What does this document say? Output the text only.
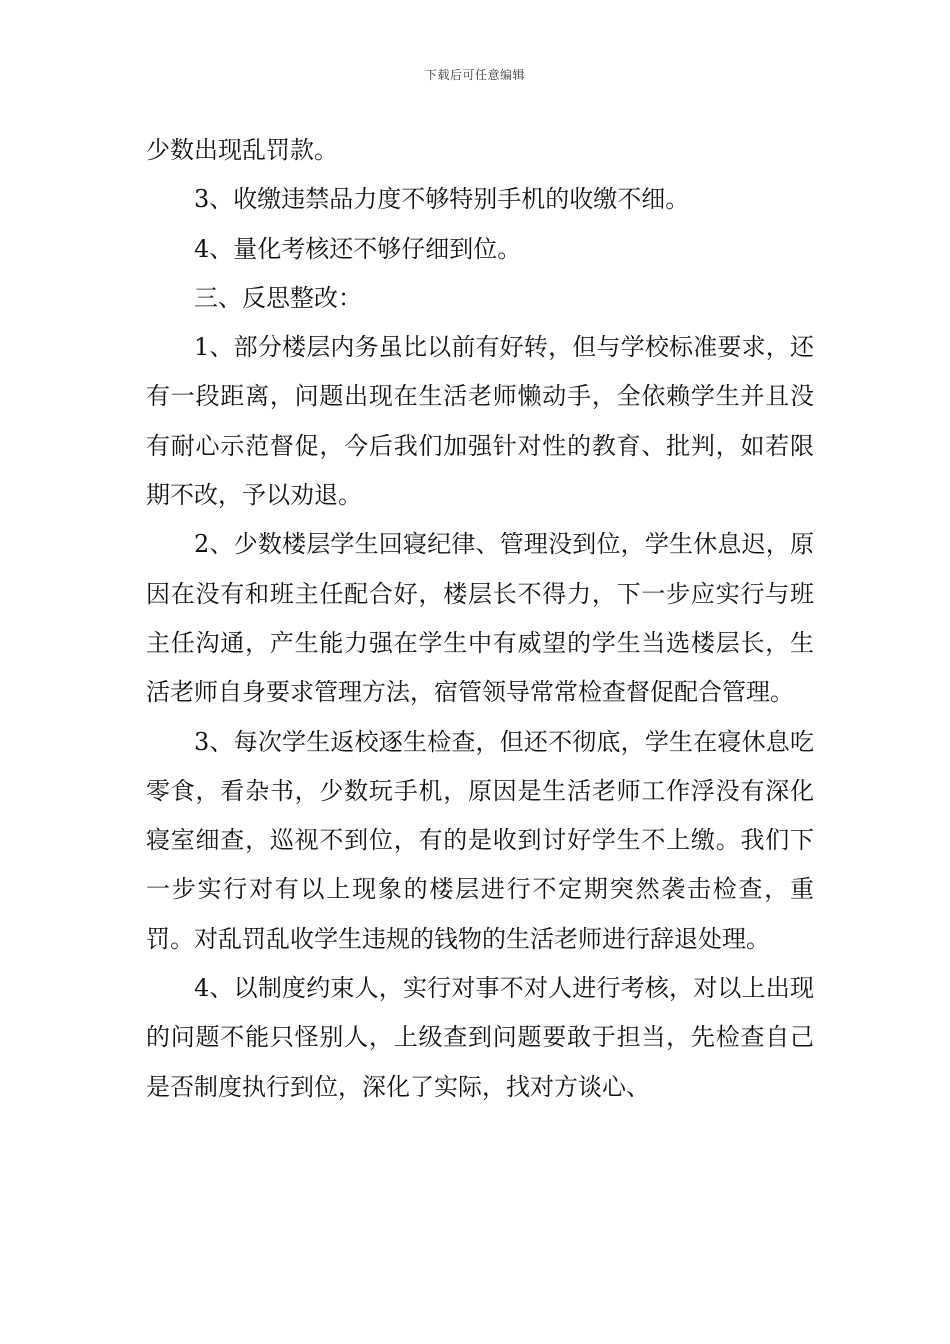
下载后可任意编辑

少数出现乱罚款。

3、收缴违禁品力度不够特别手机的收缴不细。

4、量化考核还不够仔细到位。

三、反思整改：

1、部分楼层内务虽比以前有好转，但与学校标准要求，还有一段距离，问题出现在生活老师懒动手，全依赖学生并且没有耐心示范督促，今后我们加强针对性的教育、批判，如若限期不改，予以劝退。

2、少数楼层学生回寝纪律、管理没到位，学生休息迟，原因在没有和班主任配合好，楼层长不得力，下一步应实行与班主任沟通，产生能力强在学生中有威望的学生当选楼层长，生活老师自身要求管理方法，宿管领导常常检查督促配合管理。

3、每次学生返校逐生检查，但还不彻底，学生在寝休息吃零食，看杂书，少数玩手机，原因是生活老师工作浮没有深化寝室细查，巡视不到位，有的是收到讨好学生不上缴。我们下一步实行对有以上现象的楼层进行不定期突然袭击检查，重罚。对乱罚乱收学生违规的钱物的生活老师进行辞退处理。

4、以制度约束人，实行对事不对人进行考核，对以上出现的问题不能只怪别人，上级查到问题要敢于担当，先检查自己是否制度执行到位，深化了实际，找对方谈心、
